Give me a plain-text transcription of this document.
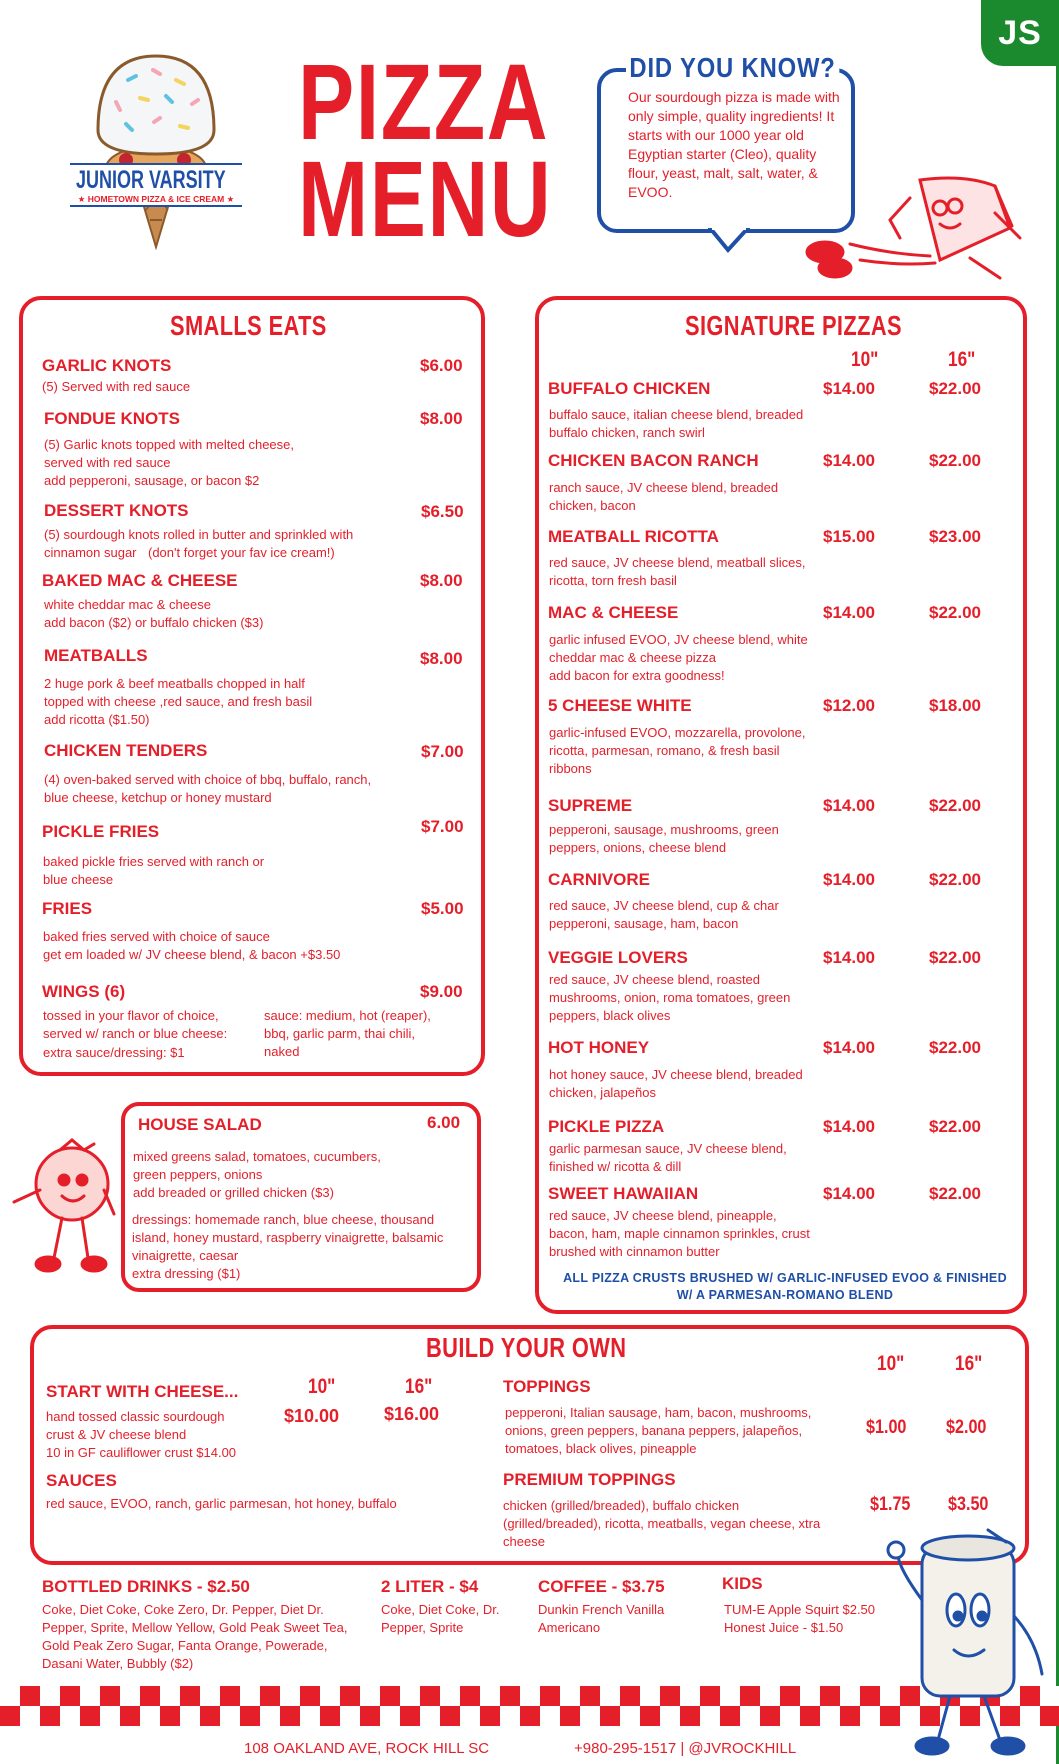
JS
JUNIOR VARSITY
★ HOMETOWN PIZZA & ICE CREAM ★
PIZZA
MENU
DID YOU KNOW?
Our sourdough pizza is made with only simple, quality ingredients! It starts with our 1000 year old Egyptian starter (Cleo), quality flour, yeast, malt, salt, water, & EVOO.
SMALLS EATS
GARLIC KNOTS	$6.00
(5) Served with red sauce
FONDUE KNOTS	$8.00
(5) Garlic knots topped with melted cheese, served with red sauce
add pepperoni, sausage, or bacon $2
DESSERT KNOTS	$6.50
(5) sourdough knots rolled in butter and sprinkled with cinnamon sugar (don't forget your fav ice cream!)
BAKED MAC & CHEESE	$8.00
white cheddar mac & cheese
add bacon ($2) or buffalo chicken ($3)
MEATBALLS	$8.00
2 huge pork & beef meatballs chopped in half topped with cheese ,red sauce, and fresh basil
add ricotta ($1.50)
CHICKEN TENDERS	$7.00
(4) oven-baked served with choice of bbq, buffalo, ranch, blue cheese, ketchup or honey mustard
PICKLE FRIES	$7.00
baked pickle fries served with ranch or blue cheese
FRIES	$5.00
baked fries served with choice of sauce
get em loaded w/ JV cheese blend, & bacon +$3.50
WINGS (6)	$9.00
tossed in your flavor of choice, served w/ ranch or blue cheese:
extra sauce/dressing: $1
sauce: medium, hot (reaper), bbq, garlic parm, thai chili, naked
HOUSE SALAD	6.00
mixed greens salad, tomatoes, cucumbers, green peppers, onions
add breaded or grilled chicken ($3)
dressings: homemade ranch, blue cheese, thousand island, honey mustard, raspberry vinaigrette, balsamic vinaigrette, caesar
extra dressing ($1)
SIGNATURE PIZZAS
10"	16"
BUFFALO CHICKEN	$14.00	$22.00
buffalo sauce, italian cheese blend, breaded buffalo chicken, ranch swirl
CHICKEN BACON RANCH	$14.00	$22.00
ranch sauce, JV cheese blend, breaded chicken, bacon
MEATBALL RICOTTA	$15.00	$23.00
red sauce, JV cheese blend, meatball slices, ricotta, torn fresh basil
MAC & CHEESE	$14.00	$22.00
garlic infused EVOO, JV cheese blend, white cheddar mac & cheese pizza
add bacon for extra goodness!
5 CHEESE WHITE	$12.00	$18.00
garlic-infused EVOO, mozzarella, provolone, ricotta, parmesan, romano, & fresh basil ribbons
SUPREME	$14.00	$22.00
pepperoni, sausage, mushrooms, green peppers, onions, cheese blend
CARNIVORE	$14.00	$22.00
red sauce, JV cheese blend, cup & char pepperoni, sausage, ham, bacon
VEGGIE LOVERS	$14.00	$22.00
red sauce, JV cheese blend, roasted mushrooms, onion, roma tomatoes, green peppers, black olives
HOT HONEY	$14.00	$22.00
hot honey sauce, JV cheese blend, breaded chicken, jalapeños
PICKLE PIZZA	$14.00	$22.00
garlic parmesan sauce, JV cheese blend, finished w/ ricotta & dill
SWEET HAWAIIAN	$14.00	$22.00
red sauce, JV cheese blend, pineapple, bacon, ham, maple cinnamon sprinkles, crust brushed with cinnamon butter
ALL PIZZA CRUSTS BRUSHED W/ GARLIC-INFUSED EVOO & FINISHED W/ A PARMESAN-ROMANO BLEND
BUILD YOUR OWN
START WITH CHEESE...	10"	16"
$10.00 $16.00
hand tossed classic sourdough crust & JV cheese blend
10 in GF cauliflower crust $14.00
SAUCES
red sauce, EVOO, ranch, garlic parmesan, hot honey, buffalo
TOPPINGS
10" 16"
pepperoni, Italian sausage, ham, bacon, mushrooms, onions, green peppers, banana peppers, jalapeños, tomatoes, black olives, pineapple
$1.00 $2.00
PREMIUM TOPPINGS
chicken (grilled/breaded), buffalo chicken (grilled/breaded), ricotta, meatballs, vegan cheese, xtra cheese
$1.75 $3.50
BOTTLED DRINKS - $2.50
Coke, Diet Coke, Coke Zero, Dr. Pepper, Diet Dr. Pepper, Sprite, Mellow Yellow, Gold Peak Sweet Tea, Gold Peak Zero Sugar, Fanta Orange, Powerade, Dasani Water, Bubbly ($2)
2 LITER - $4
Coke, Diet Coke, Dr. Pepper, Sprite
COFFEE - $3.75
Dunkin French Vanilla Americano
KIDS
TUM-E Apple Squirt $2.50
Honest Juice - $1.50
108 OAKLAND AVE, ROCK HILL SC	+980-295-1517 | @JVROCKHILL
